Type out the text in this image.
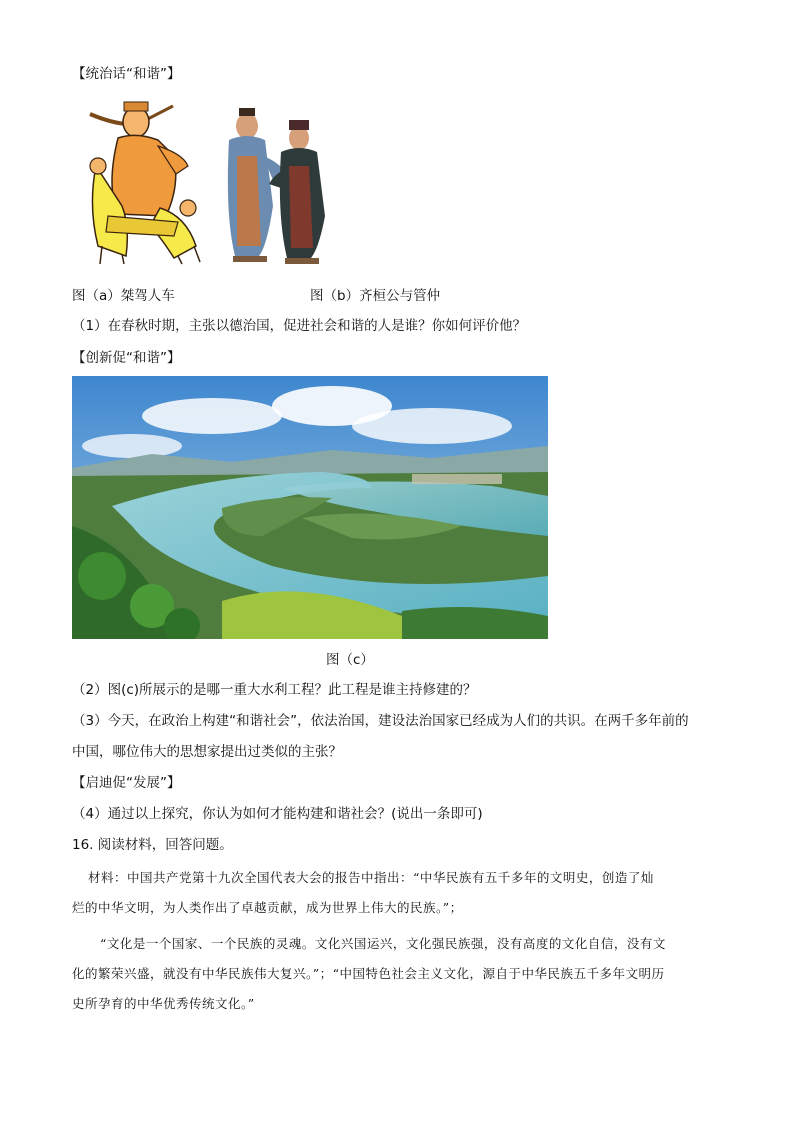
【统治话“和谐”】
图（a）桀驾人车	图（b）齐桓公与管仲
（1）在春秋时期，主张以德治国，促进社会和谐的人是谁？你如何评价他？
【创新促“和谐”】
图（c）
（2）图(c)所展示的是哪一重大水利工程？此工程是谁主持修建的？
（3）今天，在政治上构建“和谐社会”，依法治国，建设法治国家已经成为人们的共识。在两千多年前的
中国，哪位伟大的思想家提出过类似的主张？
【启迪促“发展”】
（4）通过以上探究，你认为如何才能构建和谐社会？(说出一条即可)
16. 阅读材料，回答问题。
材料：中国共产党第十九次全国代表大会的报告中指出：“中华民族有五千多年的文明史，创造了灿
烂的中华文明，为人类作出了卓越贡献，成为世界上伟大的民族。”；
“文化是一个国家、一个民族的灵魂。文化兴国运兴，文化强民族强，没有高度的文化自信，没有文
化的繁荣兴盛，就没有中华民族伟大复兴。”；“中国特色社会主义文化，源自于中华民族五千多年文明历
史所孕育的中华优秀传统文化。”
